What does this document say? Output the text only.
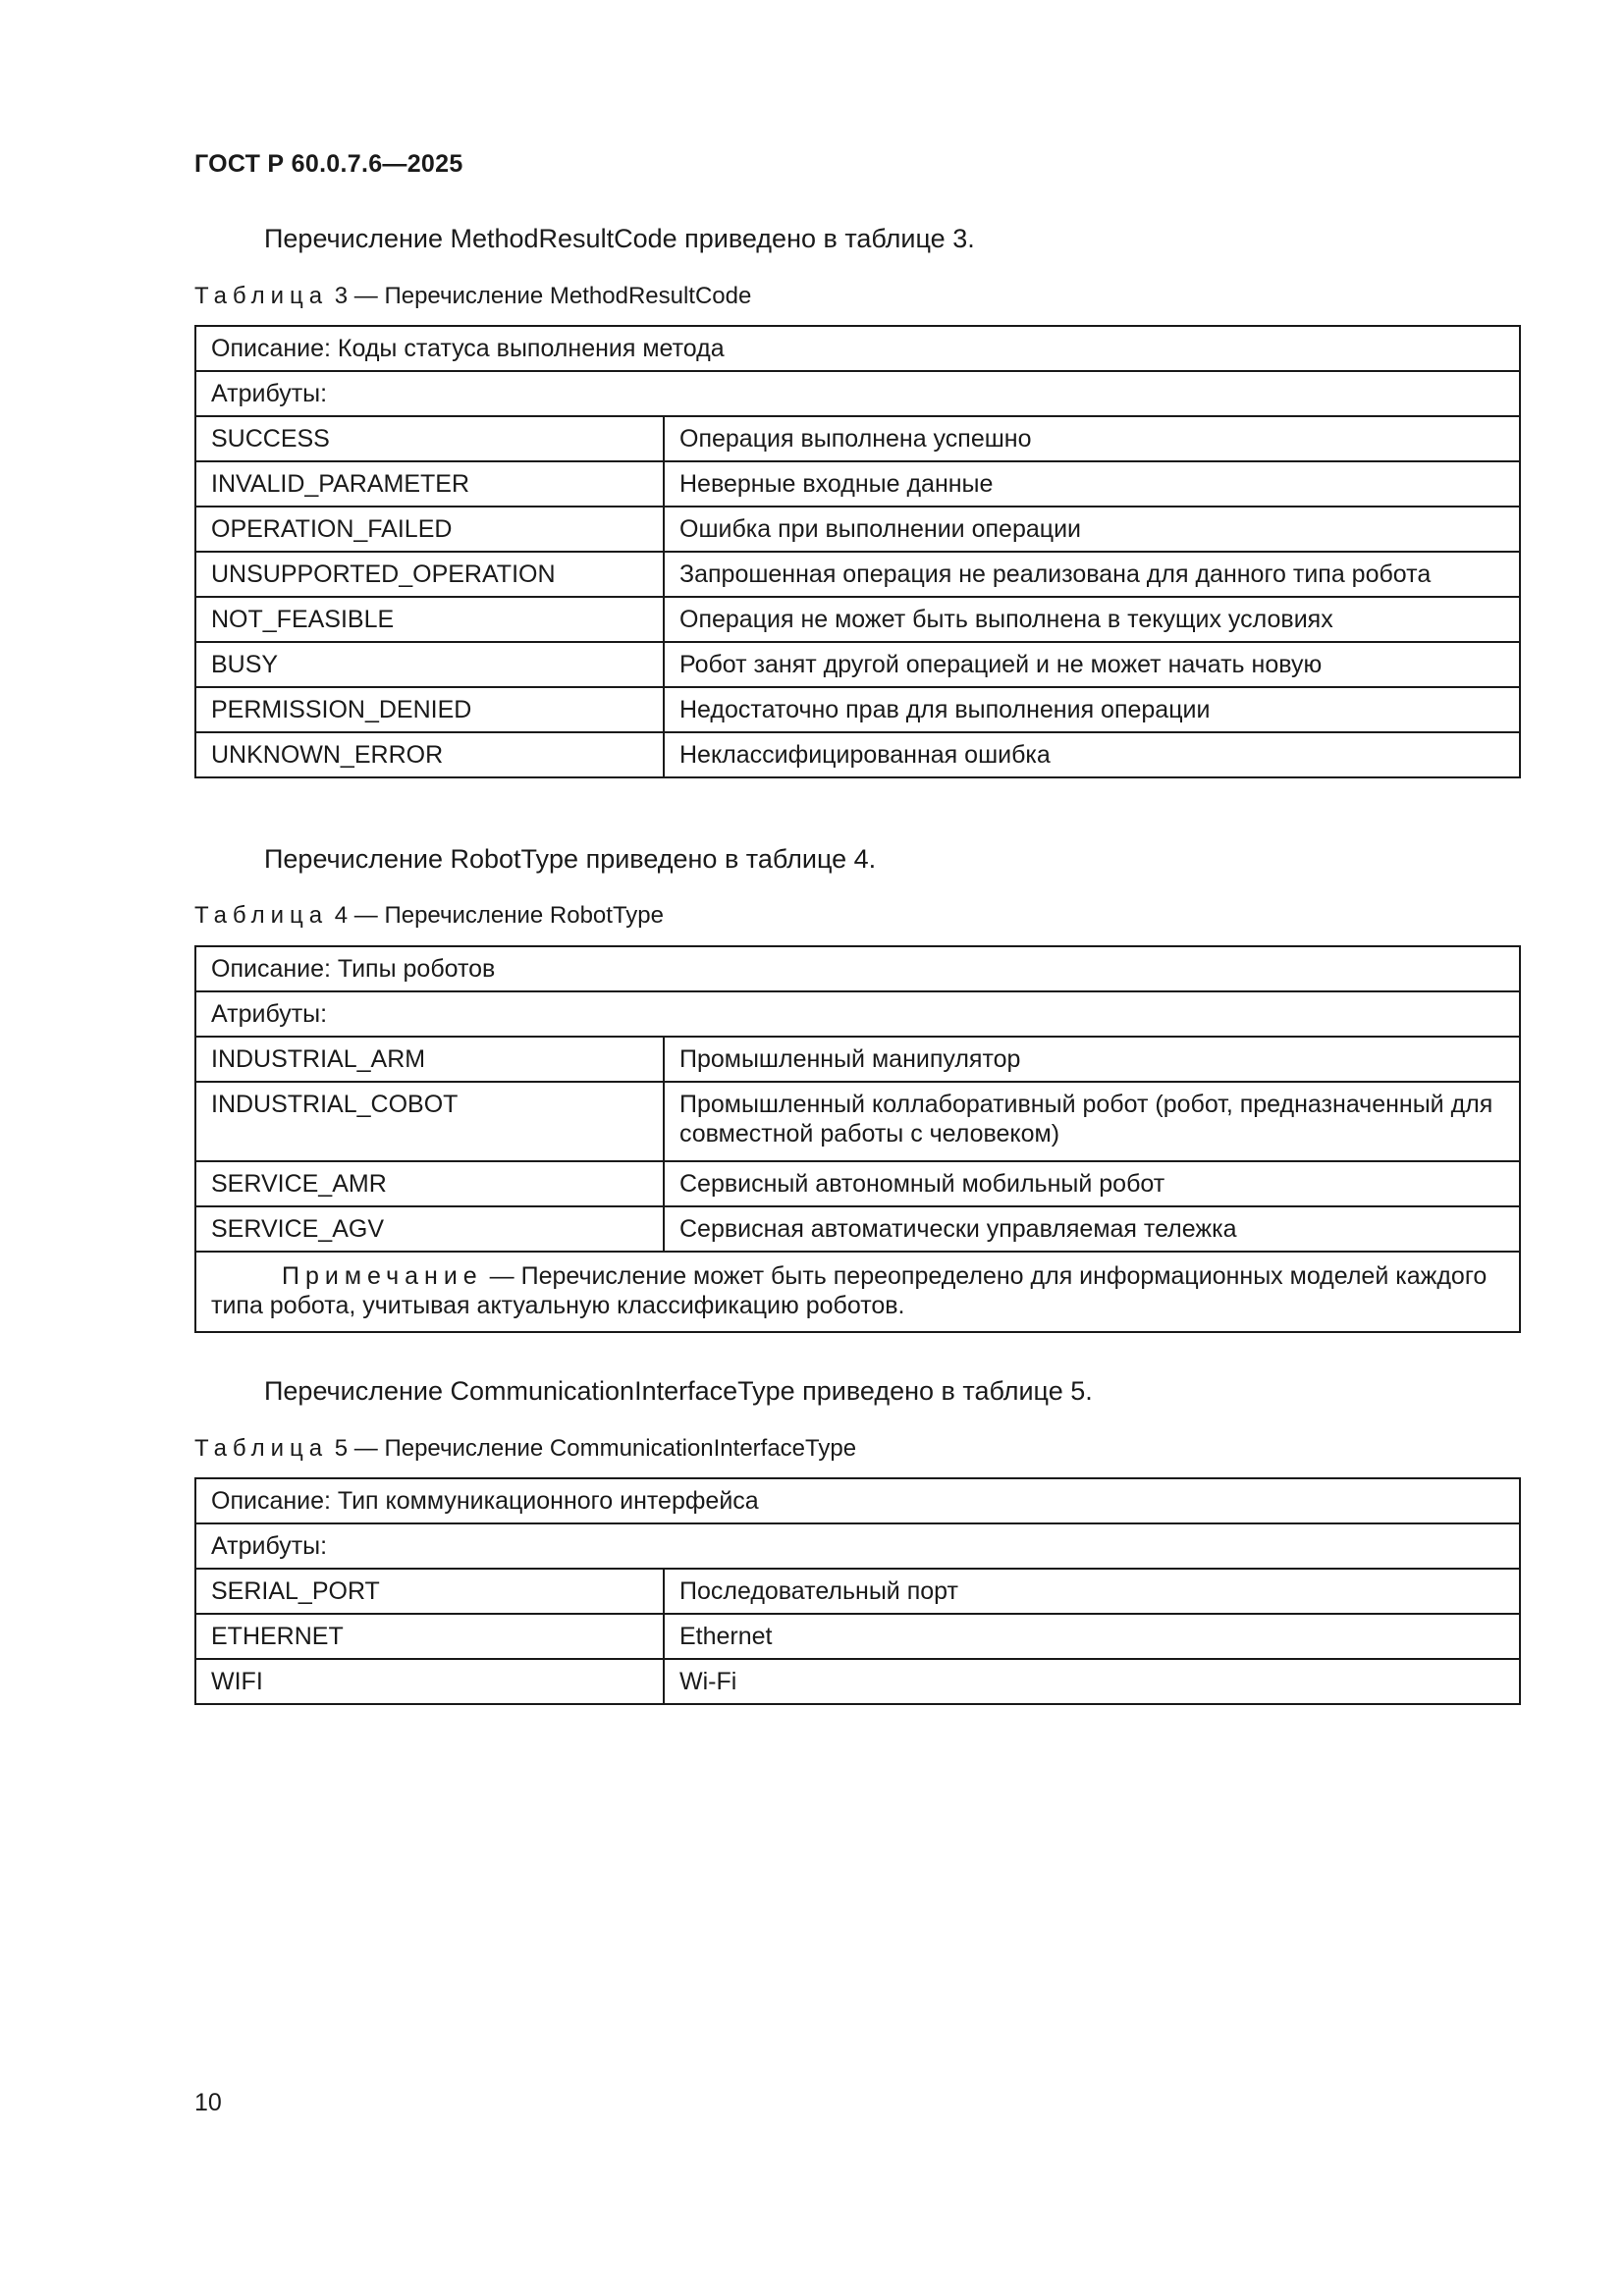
ГОСТ Р 60.0.7.6—2025
Перечисление MethodResultCode приведено в таблице 3.
Таблица 3 — Перечисление MethodResultCode
Описание: Коды статуса выполнения метода	
Атрибуты:	
SUCCESS	Операция выполнена успешно
INVALID_PARAMETER	Неверные входные данные
OPERATION_FAILED	Ошибка при выполнении операции
UNSUPPORTED_OPERATION	Запрошенная операция не реализована для данного типа робота
NOT_FEASIBLE	Операция не может быть выполнена в текущих условиях
BUSY	Робот занят другой операцией и не может начать новую
PERMISSION_DENIED	Недостаточно прав для выполнения операции
UNKNOWN_ERROR	Неклассифицированная ошибка
Перечисление RobotType приведено в таблице 4.
Таблица 4 — Перечисление RobotType
Описание: Типы роботов	
Атрибуты:	
INDUSTRIAL_ARM	Промышленный манипулятор
INDUSTRIAL_COBOT	Промышленный коллаборативный робот (робот, предназначенный для совместной работы с человеком)
SERVICE_AMR	Сервисный автономный мобильный робот
SERVICE_AGV	Сервисная автоматически управляемая тележка
Примечание — Перечисление может быть переопределено для информационных моделей каждого типа робота, учитывая актуальную классификацию роботов.	
Перечисление CommunicationInterfaceType приведено в таблице 5.
Таблица 5 — Перечисление CommunicationInterfaceType
Описание: Тип коммуникационного интерфейса	
Атрибуты:	
SERIAL_PORT	Последовательный порт
ETHERNET	Ethernet
WIFI	Wi-Fi
10
